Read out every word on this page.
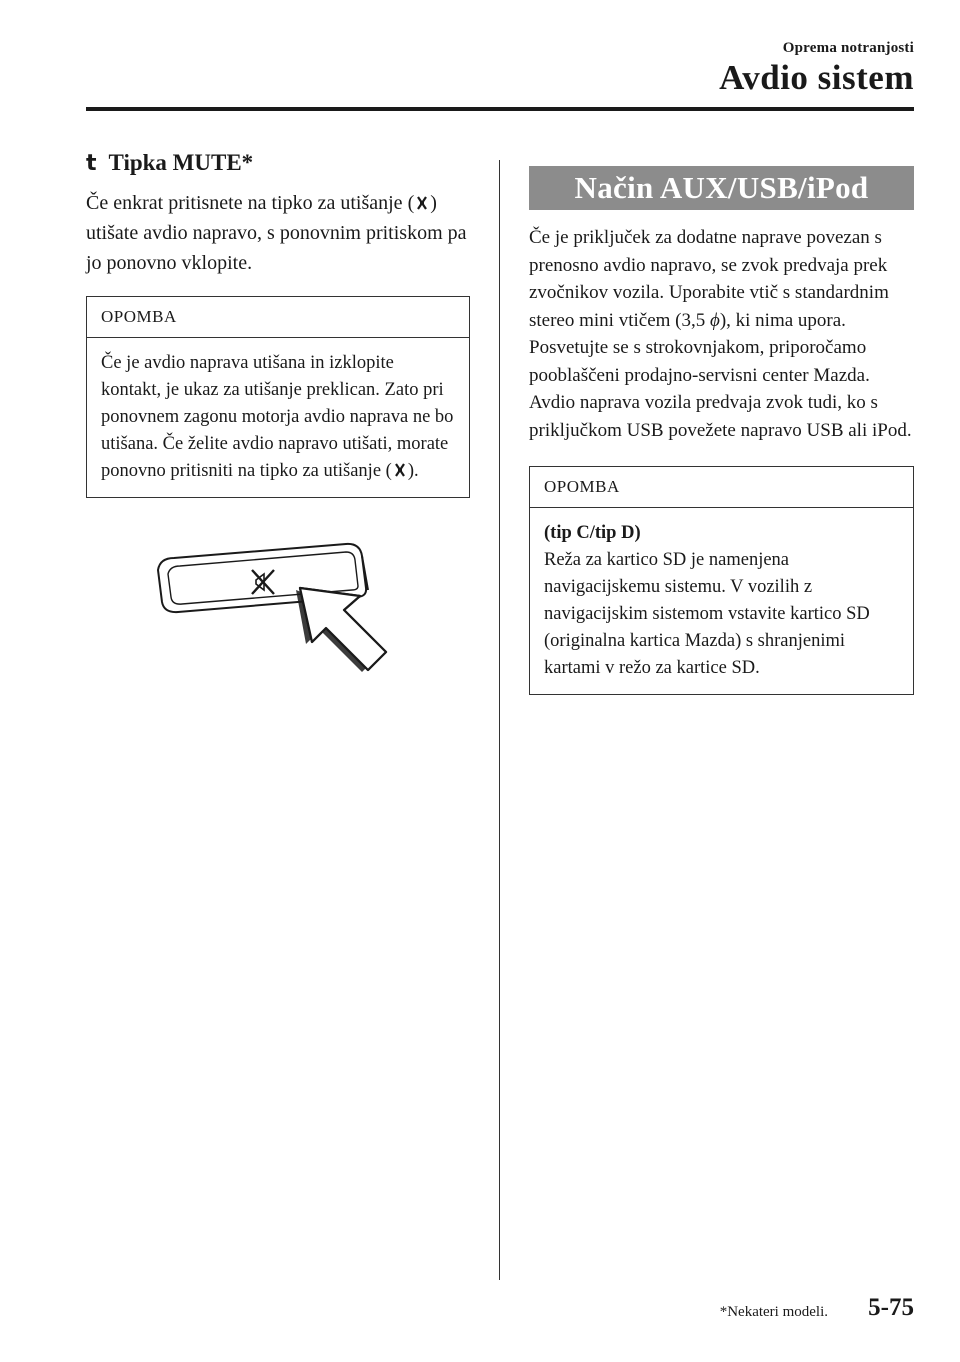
Oprema notranjosti
Avdio sistem
t Tipka MUTE*

Če enkrat pritisnete na tipko za utišanje ( ) utišate avdio napravo, s ponovnim pritiskom pa jo ponovno vklopite.

OPOMBA
Če je avdio naprava utišana in izklopite kontakt, je ukaz za utišanje preklican. Zato pri ponovnem zagonu motorja avdio naprava ne bo utišana. Če želite avdio napravo utišati, morate ponovno pritisniti na tipko za utišanje ( ).
Način AUX/USB/iPod

Če je priključek za dodatne naprave povezan s prenosno avdio napravo, se zvok predvaja prek zvočnikov vozila. Uporabite vtič s standardnim stereo mini vtičem (3,5 ϕ), ki nima upora. Posvetujte se s strokovnjakom, priporočamo pooblaščeni prodajno-servisni center Mazda.

Avdio naprava vozila predvaja zvok tudi, ko s priključkom USB povežete napravo USB ali iPod.

OPOMBA
(tip C/tip D)
Reža za kartico SD je namenjena navigacijskemu sistemu. V vozilih z navigacijskim sistemom vstavite kartico SD (originalna kartica Mazda) s shranjenimi kartami v režo za kartice SD.
*Nekateri modeli. 5-75
